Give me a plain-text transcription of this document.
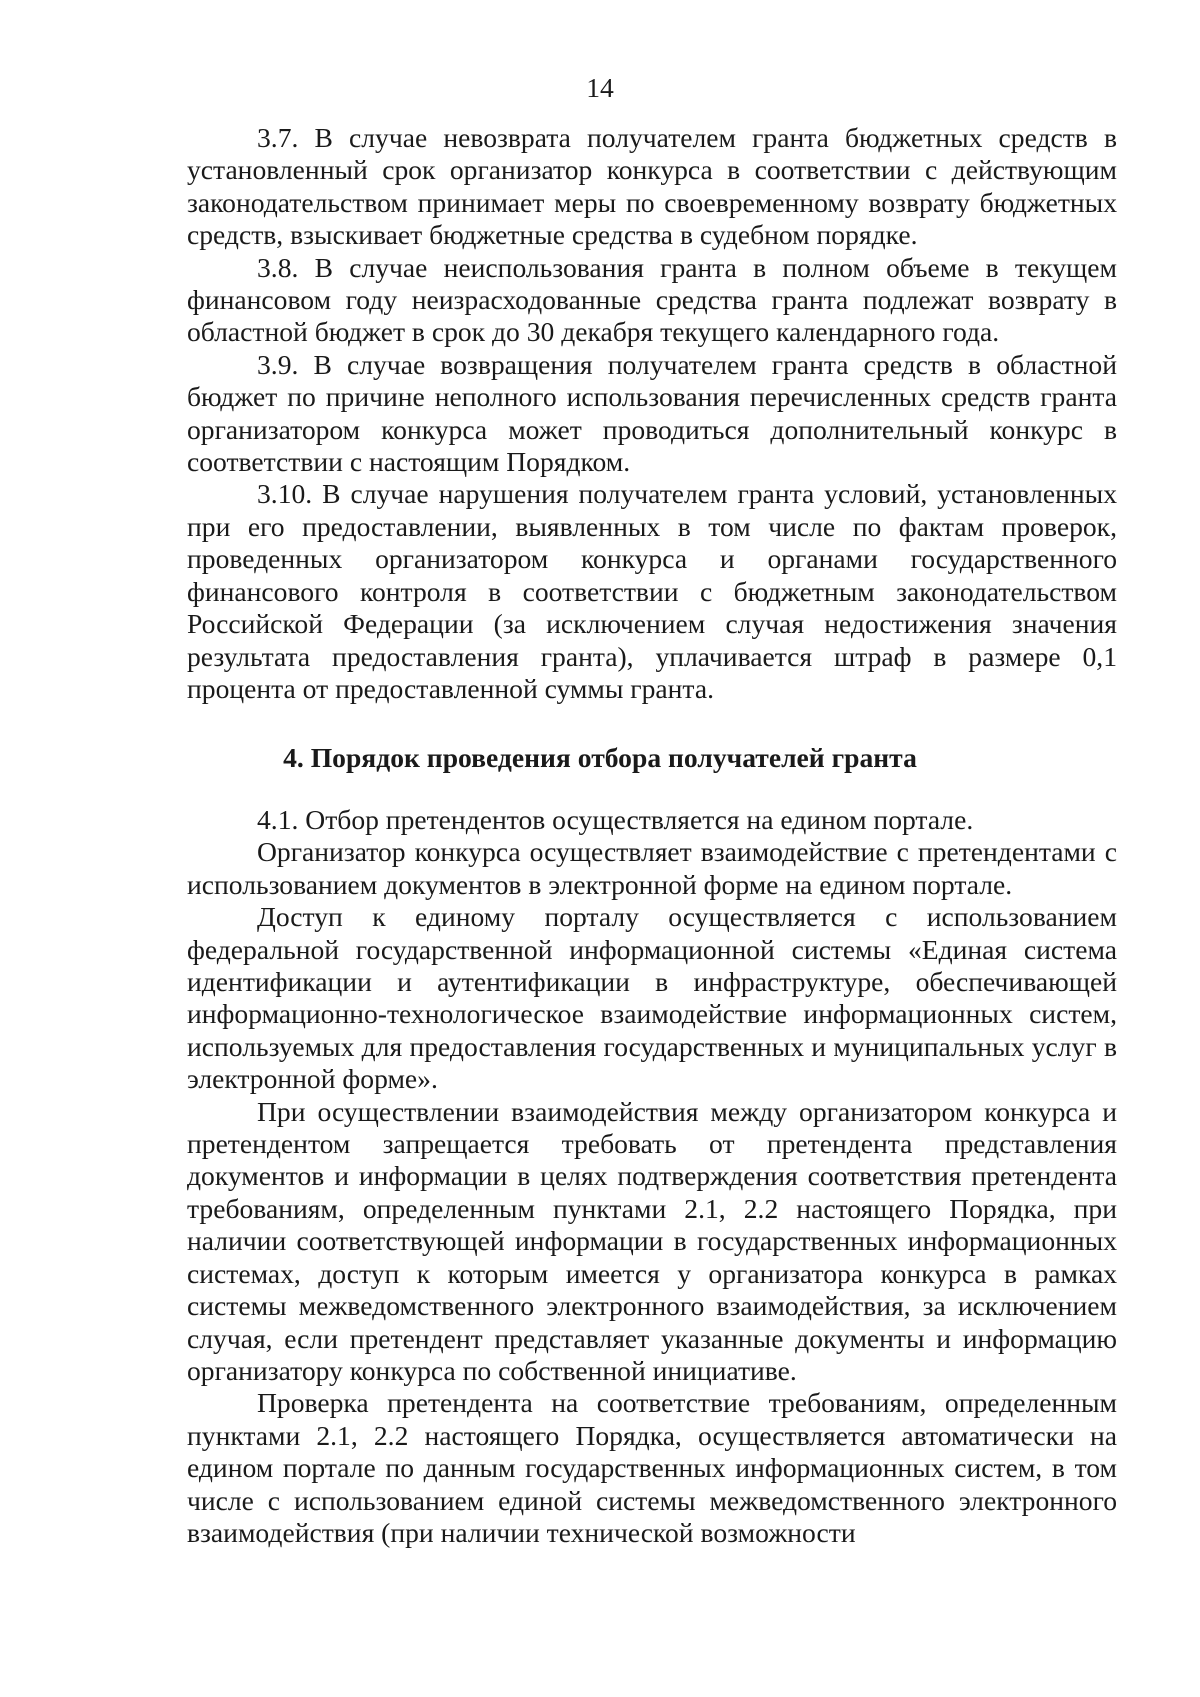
14

3.7. В случае невозврата получателем гранта бюджетных средств в установленный срок организатор конкурса в соответствии с действующим законодательством принимает меры по своевременному возврату бюджетных средств, взыскивает бюджетные средства в судебном порядке.

3.8. В случае неиспользования гранта в полном объеме в текущем финансовом году неизрасходованные средства гранта подлежат возврату в областной бюджет в срок до 30 декабря текущего календарного года.

3.9. В случае возвращения получателем гранта средств в областной бюджет по причине неполного использования перечисленных средств гранта организатором конкурса может проводиться дополнительный конкурс в соответствии с настоящим Порядком.

3.10. В случае нарушения получателем гранта условий, установленных при его предоставлении, выявленных в том числе по фактам проверок, проведенных организатором конкурса и органами государственного финансового контроля в соответствии с бюджетным законодательством Российской Федерации (за исключением случая недостижения значения результата предоставления гранта), уплачивается штраф в размере 0,1 процента от предоставленной суммы гранта.

4. Порядок проведения отбора получателей гранта

4.1. Отбор претендентов осуществляется на едином портале.

Организатор конкурса осуществляет взаимодействие с претендентами с использованием документов в электронной форме на едином портале.

Доступ к единому порталу осуществляется с использованием федеральной государственной информационной системы «Единая система идентификации и аутентификации в инфраструктуре, обеспечивающей информационно-технологическое взаимодействие информационных систем, используемых для предоставления государственных и муниципальных услуг в электронной форме».

При осуществлении взаимодействия между организатором конкурса и претендентом запрещается требовать от претендента представления документов и информации в целях подтверждения соответствия претендента требованиям, определенным пунктами 2.1, 2.2 настоящего Порядка, при наличии соответствующей информации в государственных информационных системах, доступ к которым имеется у организатора конкурса в рамках системы межведомственного электронного взаимодействия, за исключением случая, если претендент представляет указанные документы и информацию организатору конкурса по собственной инициативе.

Проверка претендента на соответствие требованиям, определенным пунктами 2.1, 2.2 настоящего Порядка, осуществляется автоматически на едином портале по данным государственных информационных систем, в том числе с использованием единой системы межведомственного электронного взаимодействия (при наличии технической возможности
